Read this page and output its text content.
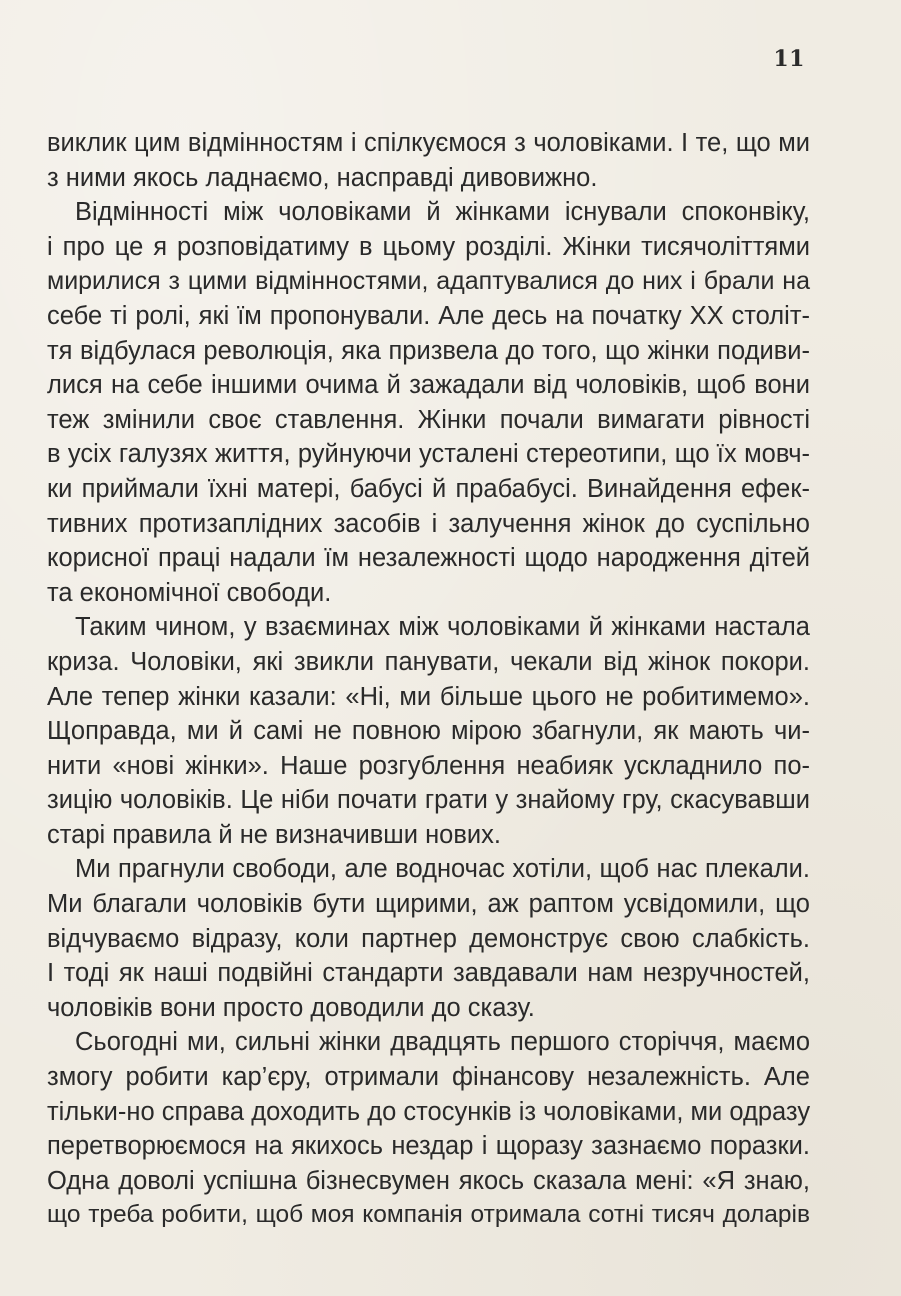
11
виклик цим відмінностям і спілкуємося з чоловіками. І те, що ми
з ними якось ладнаємо, насправді дивовижно.
Відмінності між чоловіками й жінками існували споконвіку,
і про це я розповідатиму в цьому розділі. Жінки тисячоліттями
мирилися з цими відмінностями, адаптувалися до них і брали на
себе ті ролі, які їм пропонували. Але десь на початку XX століт-
тя відбулася революція, яка призвела до того, що жінки подиви-
лися на себе іншими очима й зажадали від чоловіків, щоб вони
теж змінили своє ставлення. Жінки почали вимагати рівності
в усіх галузях життя, руйнуючи усталені стереотипи, що їх мовч-
ки приймали їхні матері, бабусі й прабабусі. Винайдення ефек-
тивних протизаплідних засобів і залучення жінок до суспільно
корисної праці надали їм незалежності щодо народження дітей
та економічної свободи.
Таким чином, у взаєминах між чоловіками й жінками настала
криза. Чоловіки, які звикли панувати, чекали від жінок покори.
Але тепер жінки казали: «Ні, ми більше цього не робитимемо».
Щоправда, ми й самі не повною мірою збагнули, як мають чи-
нити «нові жінки». Наше розгублення неабияк ускладнило по-
зицію чоловіків. Це ніби почати грати у знайому гру, скасувавши
старі правила й не визначивши нових.
Ми прагнули свободи, але водночас хотіли, щоб нас плекали.
Ми благали чоловіків бути щирими, аж раптом усвідомили, що
відчуваємо відразу, коли партнер демонструє свою слабкість.
І тоді як наші подвійні стандарти завдавали нам незручностей,
чоловіків вони просто доводили до сказу.
Сьогодні ми, сильні жінки двадцять першого сторіччя, маємо
змогу робити кар’єру, отримали фінансову незалежність. Але
тільки-но справа доходить до стосунків із чоловіками, ми одразу
перетворюємося на якихось нездар і щоразу зазнаємо поразки.
Одна доволі успішна бізнесвумен якось сказала мені: «Я знаю,
що треба робити, щоб моя компанія отримала сотні тисяч доларів
